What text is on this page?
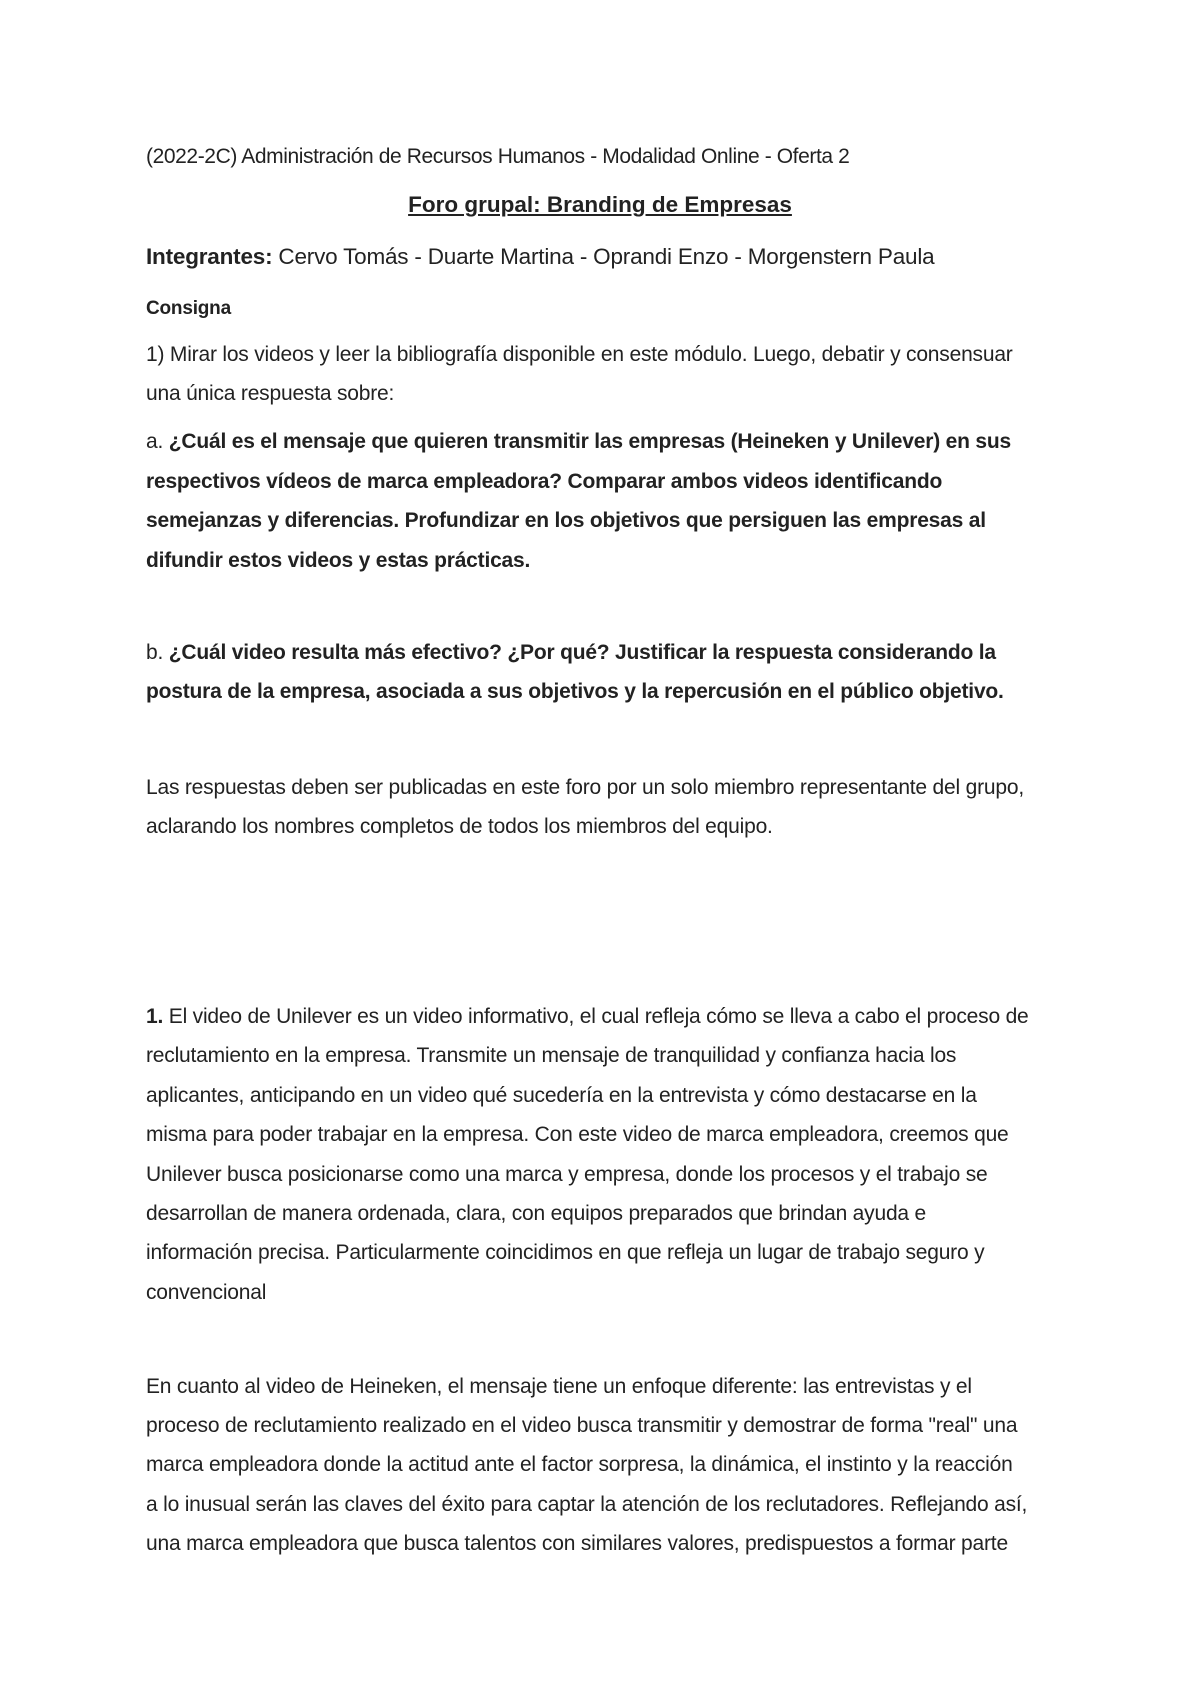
(2022-2C) Administración de Recursos Humanos - Modalidad Online - Oferta 2
Foro grupal: Branding de Empresas
Integrantes: Cervo Tomás - Duarte Martina - Oprandi Enzo - Morgenstern Paula
Consigna
1) Mirar los videos y leer la bibliografía disponible en este módulo. Luego, debatir y consensuar
una única respuesta sobre:
a. ¿Cuál es el mensaje que quieren transmitir las empresas (Heineken y Unilever) en sus
respectivos vídeos de marca empleadora? Comparar ambos videos identificando
semejanzas y diferencias. Profundizar en los objetivos que persiguen las empresas al
difundir estos videos y estas prácticas.
b. ¿Cuál video resulta más efectivo? ¿Por qué? Justificar la respuesta considerando la
postura de la empresa, asociada a sus objetivos y la repercusión en el público objetivo.
Las respuestas deben ser publicadas en este foro por un solo miembro representante del grupo,
aclarando los nombres completos de todos los miembros del equipo.
1. El video de Unilever es un video informativo, el cual refleja cómo se lleva a cabo el proceso de
reclutamiento en la empresa. Transmite un mensaje de tranquilidad y confianza hacia los
aplicantes, anticipando en un video qué sucedería en la entrevista y cómo destacarse en la
misma para poder trabajar en la empresa. Con este video de marca empleadora, creemos que
Unilever busca posicionarse como una marca y empresa, donde los procesos y el trabajo se
desarrollan de manera ordenada, clara, con equipos preparados que brindan ayuda e
información precisa. Particularmente coincidimos en que refleja un lugar de trabajo seguro y
convencional
En cuanto al video de Heineken, el mensaje tiene un enfoque diferente: las entrevistas y el
proceso de reclutamiento realizado en el video busca transmitir y demostrar de forma "real" una
marca empleadora donde la actitud ante el factor sorpresa, la dinámica, el instinto y la reacción
a lo inusual serán las claves del éxito para captar la atención de los reclutadores. Reflejando así,
una marca empleadora que busca talentos con similares valores, predispuestos a formar parte
